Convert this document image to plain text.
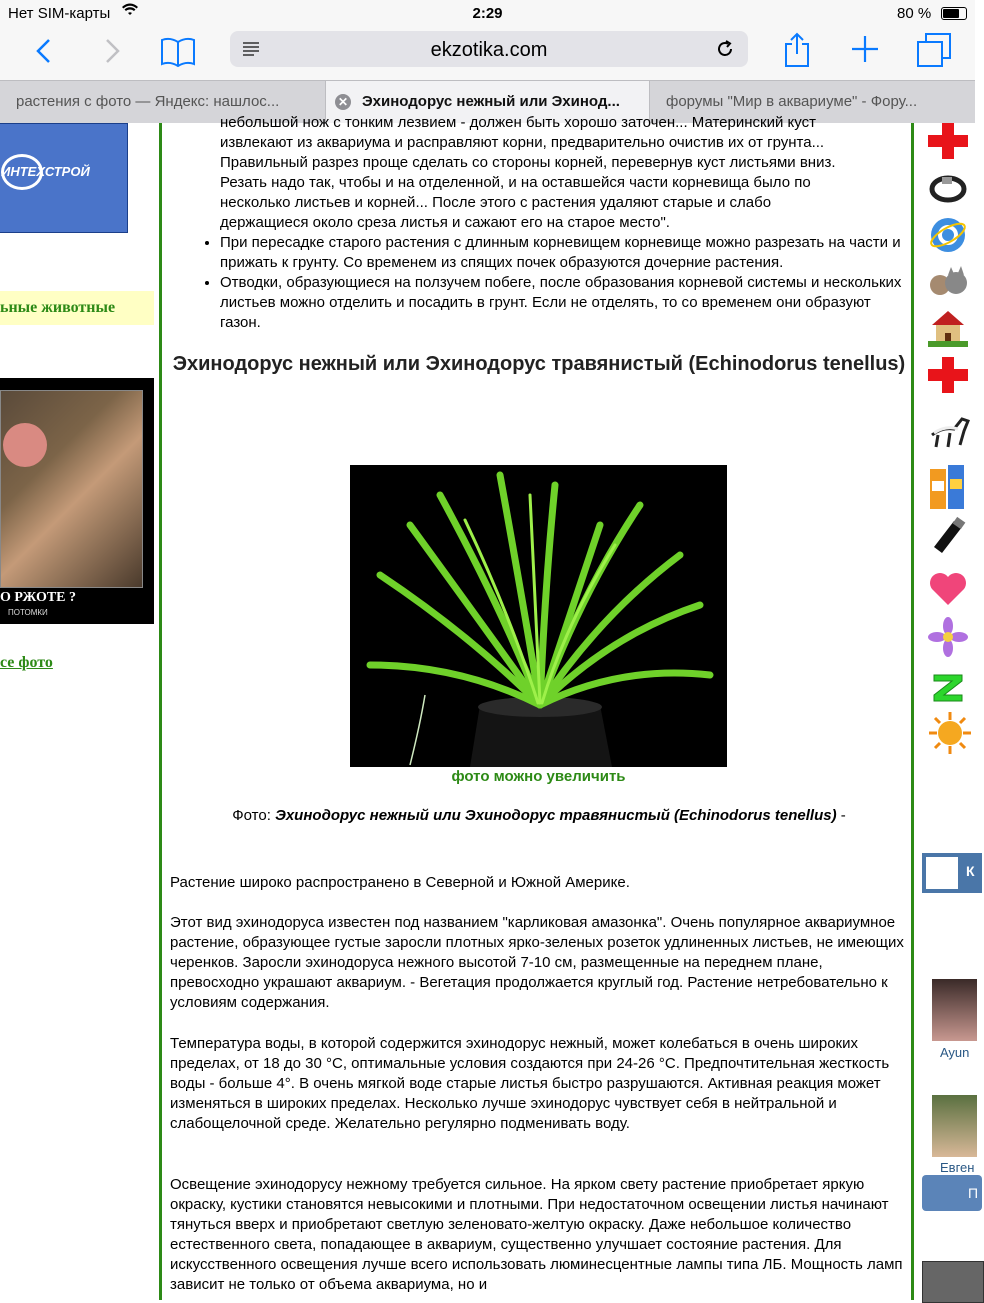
Нет SIM-карты	2:29	80 %
ekzotika.com
растения с фото — Яндекс: нашлос...	✕ Эхинодорус нежный или Эхинод...	форумы "Мир в аквариуме" - Фору...
ИНТЕХСТРОЙ
ьные животные
О РЖОТЕ ?
ПОТОМКИ
се фото
небольшой нож с тонким лезвием - должен быть хорошо заточен... Материнский куст
извлекают из аквариума и расправляют корни, предварительно очистив их от грунта...
Правильный разрез проще сделать со стороны корней, перевернув куст листьями вниз.
Резать надо так, чтобы и на отделенной, и на оставшейся части корневища было по
несколько листьев и корней... После этого с растения удаляют старые и слабо
держащиеся около среза листья и сажают его на старое место".
• При пересадке старого растения с длинным корневищем корневище можно разрезать на части и прижать к грунту. Со временем из спящих почек образуются дочерние растения.
• Отводки, образующиеся на ползучем побеге, после образования корневой системы и нескольких листьев можно отделить и посадить в грунт. Если не отделять, то со временем они образуют газон.
Эхинодорус нежный или Эхинодорус травянистый (Echinodorus tenellus)
фото можно увеличить
Фото: Эхинодорус нежный или Эхинодорус травянистый (Echinodorus tenellus) -
Растение широко распространено в Северной и Южной Америке.
Этот вид эхинодоруса известен под названием "карликовая амазонка". Очень популярное аквариумное растение, образующее густые заросли плотных ярко-зеленых розеток удлиненных листьев, не имеющих черенков. Заросли эхинодоруса нежного высотой 7-10 см, размещенные на переднем плане, превосходно украшают аквариум. - Вегетация продолжается круглый год. Растение нетребовательно к условиям содержания.
Температура воды, в которой содержится эхинодорус нежный, может колебаться в очень широких пределах, от 18 до 30 °С, оптимальные условия создаются при 24-26 °С. Предпочтительная жесткость воды - больше 4°. В очень мягкой воде старые листья быстро разрушаются. Активная реакция может изменяться в широких пределах. Несколько лучше эхинодорус чувствует себя в нейтральной и слабощелочной среде. Желательно регулярно подменивать воду.
Освещение эхинодорусу нежному требуется сильное. На ярком свету растение приобретает яркую окраску, кустики становятся невысокими и плотными. При недостаточном освещении листья начинают тянуться вверх и приобретают светлую зеленовато-желтую окраску. Даже небольшое количество естественного света, попадающее в аквариум, существенно улучшает состояние растения. Для искусственного освещения лучше всего использовать люминесцентные лампы типа ЛБ. Мощность ламп зависит не только от объема аквариума, но и
К
Ayun
Евген
П
